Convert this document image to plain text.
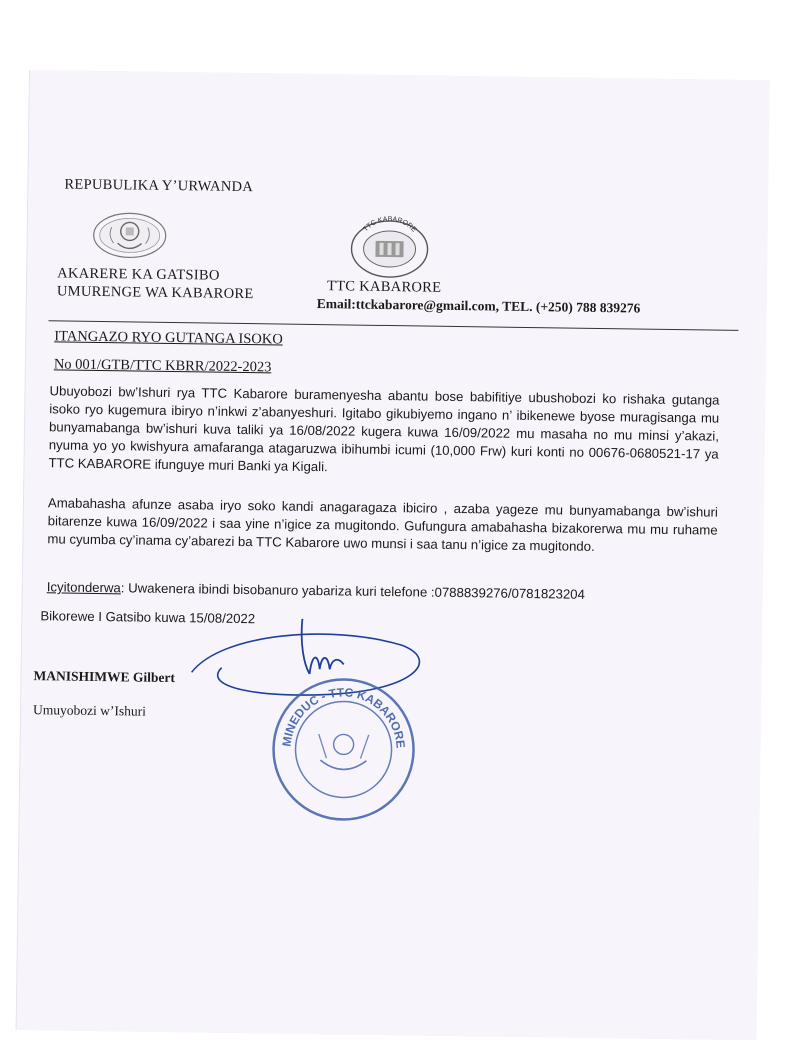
REPUBULIKA Y’URWANDA
TTC KABARORE
AKARERE KA GATSIBO
UMURENGE WA KABARORE	TTC KABARORE
Email:ttckabarore@gmail.com, TEL. (+250) 788 839276
ITANGAZO RYO GUTANGA ISOKO
No 001/GTB/TTC KBRR/2022-2023
Ubuyobozi bw’Ishuri rya TTC Kabarore buramenyesha abantu bose babifitiye ubushobozi ko rishaka gutanga isoko ryo kugemura ibiryo n’inkwi z’abanyeshuri. Igitabo gikubiyemo ingano n’ ibikenewe byose muragisanga mu bunyamabanga bw’ishuri kuva taliki ya 16/08/2022 kugera kuwa 16/09/2022 mu masaha no mu minsi y’akazi, nyuma yo yo kwishyura amafaranga atagaruzwa ibihumbi icumi (10,000 Frw) kuri konti no 00676-0680521-17 ya TTC KABARORE ifunguye muri Banki ya Kigali.
Amabahasha afunze asaba iryo soko kandi anagaragaza ibiciro , azaba yageze mu bunyamabanga bw’ishuri bitarenze kuwa 16/09/2022 i saa yine n’igice za mugitondo. Gufungura amabahasha bizakorerwa mu mu ruhame mu cyumba cy’inama cy’abarezi ba TTC Kabarore uwo munsi i saa tanu n’igice za mugitondo.
Icyitonderwa: Uwakenera ibindi bisobanuro yabariza kuri telefone :0788839276/0781823204
Bikorewe I Gatsibo kuwa 15/08/2022
MANISHIMWE Gilbert
Umuyobozi w’Ishuri
MINEDUC - TTC KABARORE
